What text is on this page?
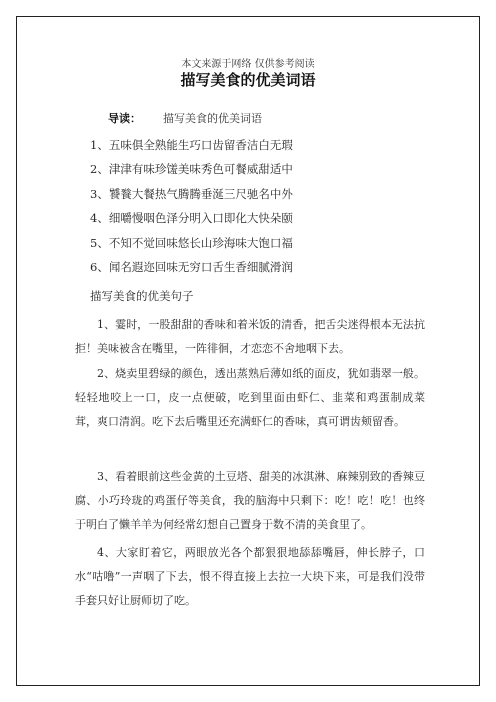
本文来源于网络 仅供参考阅读
描写美食的优美词语
导读： 描写美食的优美词语
1、五味俱全熟能生巧口齿留香洁白无瑕
2、津津有味珍馐美味秀色可餐威甜适中
3、饕餮大餐热气腾腾垂涎三尺驰名中外
4、细嚼慢咽色泽分明入口即化大快朵颐
5、不知不觉回味悠长山珍海味大饱口福
6、闻名遐迩回味无穷口舌生香细腻滑润
描写美食的优美句子

1、霎时，一股甜甜的香味和着米饭的清香，把舌尖迷得根本无法抗拒！美味被含在嘴里，一阵徘徊，才恋恋不舍地咽下去。

2、烧卖里碧绿的颜色，透出蒸熟后薄如纸的面皮，犹如翡翠一般。轻轻地咬上一口，皮一点便破，吃到里面由虾仁、韭菜和鸡蛋制成菜茸，爽口清润。吃下去后嘴里还充满虾仁的香味，真可谓齿颊留香。

3、看着眼前这些金黄的土豆塔、甜美的冰淇淋、麻辣别致的香辣豆腐、小巧玲珑的鸡蛋仔等美食，我的脑海中只剩下：吃！吃！吃！也终于明白了懒羊羊为何经常幻想自己置身于数不清的美食里了。

4、大家盯着它，两眼放光各个都狠狠地舔舔嘴唇，伸长脖子，口水“咕噜”一声咽了下去，恨不得直接上去拉一大块下来，可是我们没带手套只好让厨师切了吃。
